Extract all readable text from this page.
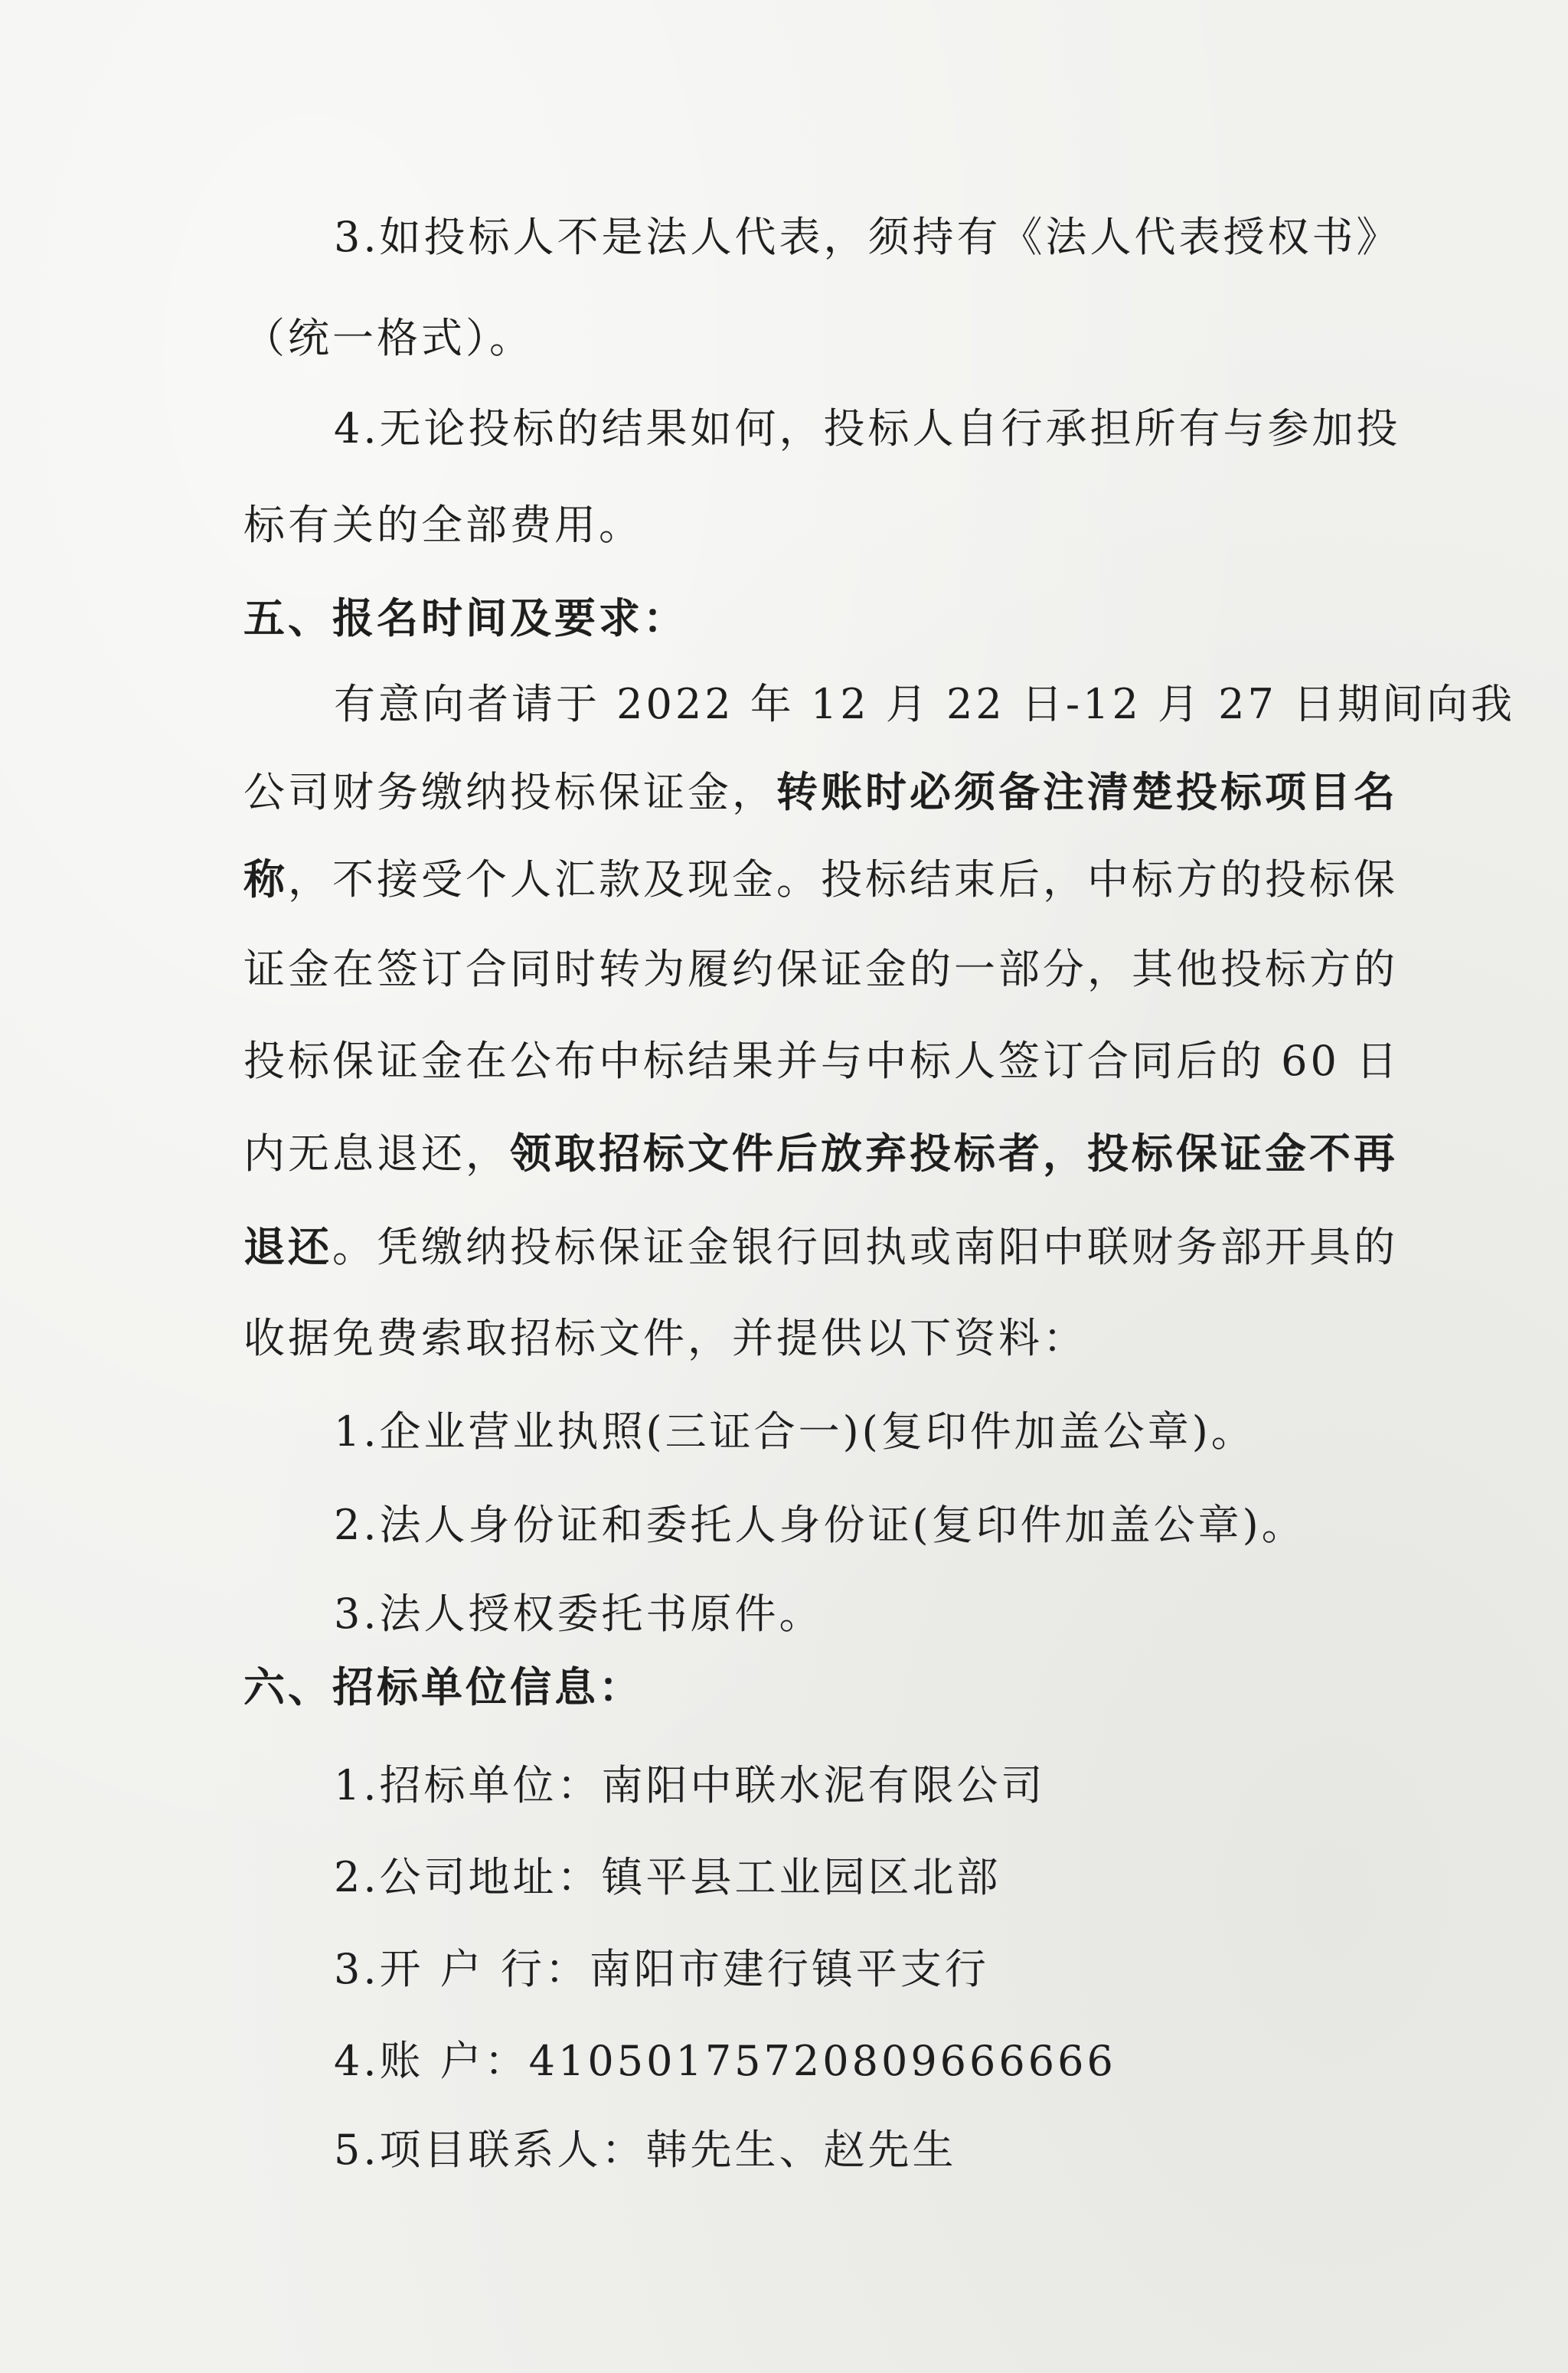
3.如投标人不是法人代表，须持有《法人代表授权书》
（统一格式）。
4.无论投标的结果如何，投标人自行承担所有与参加投
标有关的全部费用。
五、报名时间及要求：
有意向者请于 2022 年 12 月 22 日-12 月 27 日期间向我
公司财务缴纳投标保证金，转账时必须备注清楚投标项目名
称，不接受个人汇款及现金。投标结束后，中标方的投标保
证金在签订合同时转为履约保证金的一部分，其他投标方的
投标保证金在公布中标结果并与中标人签订合同后的 60 日
内无息退还，领取招标文件后放弃投标者，投标保证金不再
退还。凭缴纳投标保证金银行回执或南阳中联财务部开具的
收据免费索取招标文件，并提供以下资料：
1.企业营业执照(三证合一)(复印件加盖公章)。
2.法人身份证和委托人身份证(复印件加盖公章)。
3.法人授权委托书原件。
六、招标单位信息：
1.招标单位：南阳中联水泥有限公司
2.公司地址：镇平县工业园区北部
3.开 户 行：南阳市建行镇平支行
4.账 户：41050175720809666666
5.项目联系人：韩先生、赵先生
